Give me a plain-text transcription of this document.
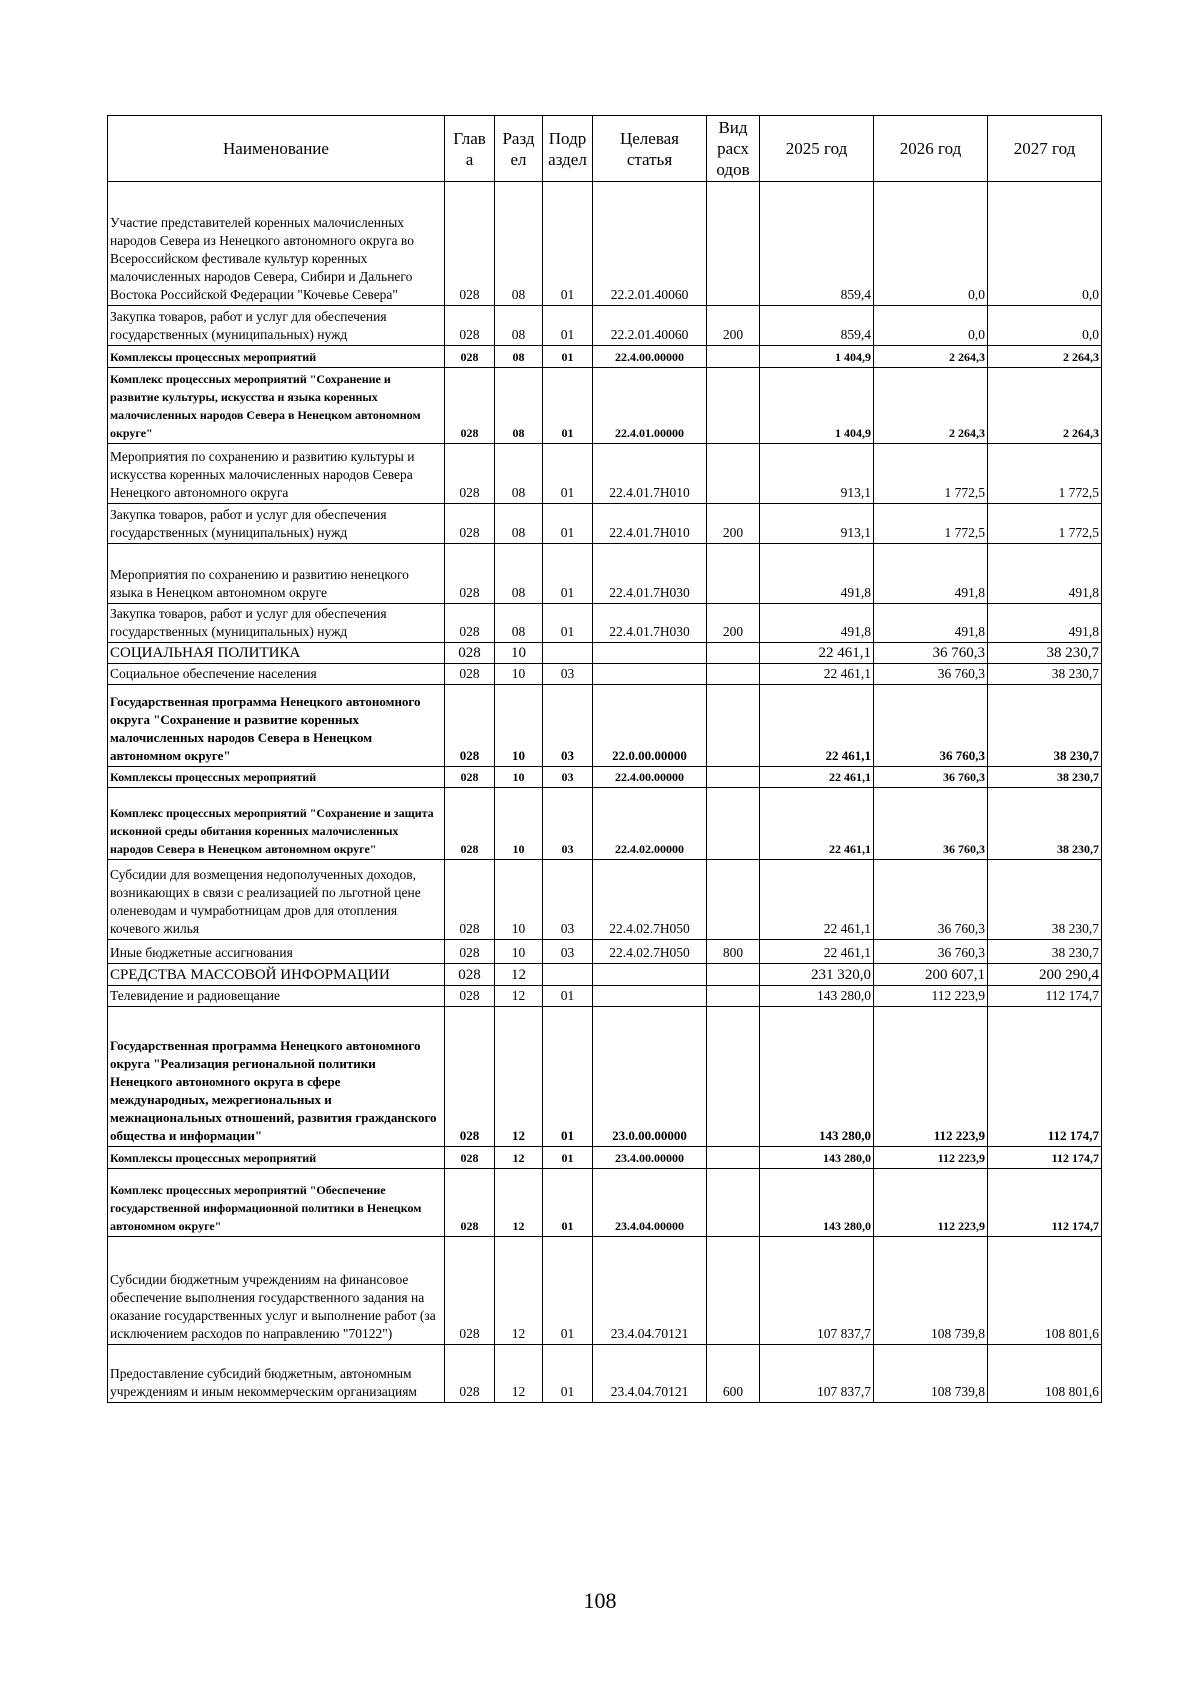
Наименование	Глав а	Разд ел	Подр аздел	Целевая статья	Вид расх одов	2025 год	2026 год	2027 год
Участие представителей коренных малочисленных народов Севера из Ненецкого автономного округа во Всероссийском фестивале культур коренных малочисленных народов Севера, Сибири и Дальнего Востока Российской Федерации "Кочевье Севера"	028	08	01	22.2.01.40060		859,4	0,0	0,0
Закупка товаров, работ и услуг для обеспечения государственных (муниципальных) нужд	028	08	01	22.2.01.40060	200	859,4	0,0	0,0
Комплексы процессных мероприятий	028	08	01	22.4.00.00000		1 404,9	2 264,3	2 264,3
Комплекс процессных мероприятий "Сохранение и развитие культуры, искусства и языка коренных малочисленных народов Севера в Ненецком автономном округе"	028	08	01	22.4.01.00000		1 404,9	2 264,3	2 264,3
Мероприятия по сохранению и развитию культуры и искусства коренных малочисленных народов Севера Ненецкого автономного округа	028	08	01	22.4.01.7Н010		913,1	1 772,5	1 772,5
Закупка товаров, работ и услуг для обеспечения государственных (муниципальных) нужд	028	08	01	22.4.01.7Н010	200	913,1	1 772,5	1 772,5
Мероприятия по сохранению и развитию ненецкого языка в Ненецком автономном округе	028	08	01	22.4.01.7Н030		491,8	491,8	491,8
Закупка товаров, работ и услуг для обеспечения государственных (муниципальных) нужд	028	08	01	22.4.01.7Н030	200	491,8	491,8	491,8
СОЦИАЛЬНАЯ ПОЛИТИКА	028	10				22 461,1	36 760,3	38 230,7
Социальное обеспечение населения	028	10	03			22 461,1	36 760,3	38 230,7
Государственная программа Ненецкого автономного округа "Сохранение и развитие коренных малочисленных народов Севера в Ненецком автономном округе"	028	10	03	22.0.00.00000		22 461,1	36 760,3	38 230,7
Комплексы процессных мероприятий	028	10	03	22.4.00.00000		22 461,1	36 760,3	38 230,7
Комплекс процессных мероприятий "Сохранение и защита исконной среды обитания коренных малочисленных народов Севера в Ненецком автономном округе"	028	10	03	22.4.02.00000		22 461,1	36 760,3	38 230,7
Субсидии для возмещения недополученных доходов, возникающих в связи с реализацией по льготной цене оленеводам и чумработницам дров для отопления кочевого жилья	028	10	03	22.4.02.7Н050		22 461,1	36 760,3	38 230,7
Иные бюджетные ассигнования	028	10	03	22.4.02.7Н050	800	22 461,1	36 760,3	38 230,7
СРЕДСТВА МАССОВОЙ ИНФОРМАЦИИ	028	12				231 320,0	200 607,1	200 290,4
Телевидение и радиовещание	028	12	01			143 280,0	112 223,9	112 174,7
Государственная программа Ненецкого автономного округа "Реализация региональной политики Ненецкого автономного округа в сфере международных, межрегиональных и межнациональных отношений, развития гражданского общества и информации"	028	12	01	23.0.00.00000		143 280,0	112 223,9	112 174,7
Комплексы процессных мероприятий	028	12	01	23.4.00.00000		143 280,0	112 223,9	112 174,7
Комплекс процессных мероприятий "Обеспечение государственной информационной политики в Ненецком автономном округе"	028	12	01	23.4.04.00000		143 280,0	112 223,9	112 174,7
Субсидии бюджетным учреждениям на финансовое обеспечение выполнения государственного задания на оказание государственных услуг и выполнение работ (за исключением расходов по направлению "70122")	028	12	01	23.4.04.70121		107 837,7	108 739,8	108 801,6
Предоставление субсидий бюджетным, автономным учреждениям и иным некоммерческим организациям	028	12	01	23.4.04.70121	600	107 837,7	108 739,8	108 801,6
108
